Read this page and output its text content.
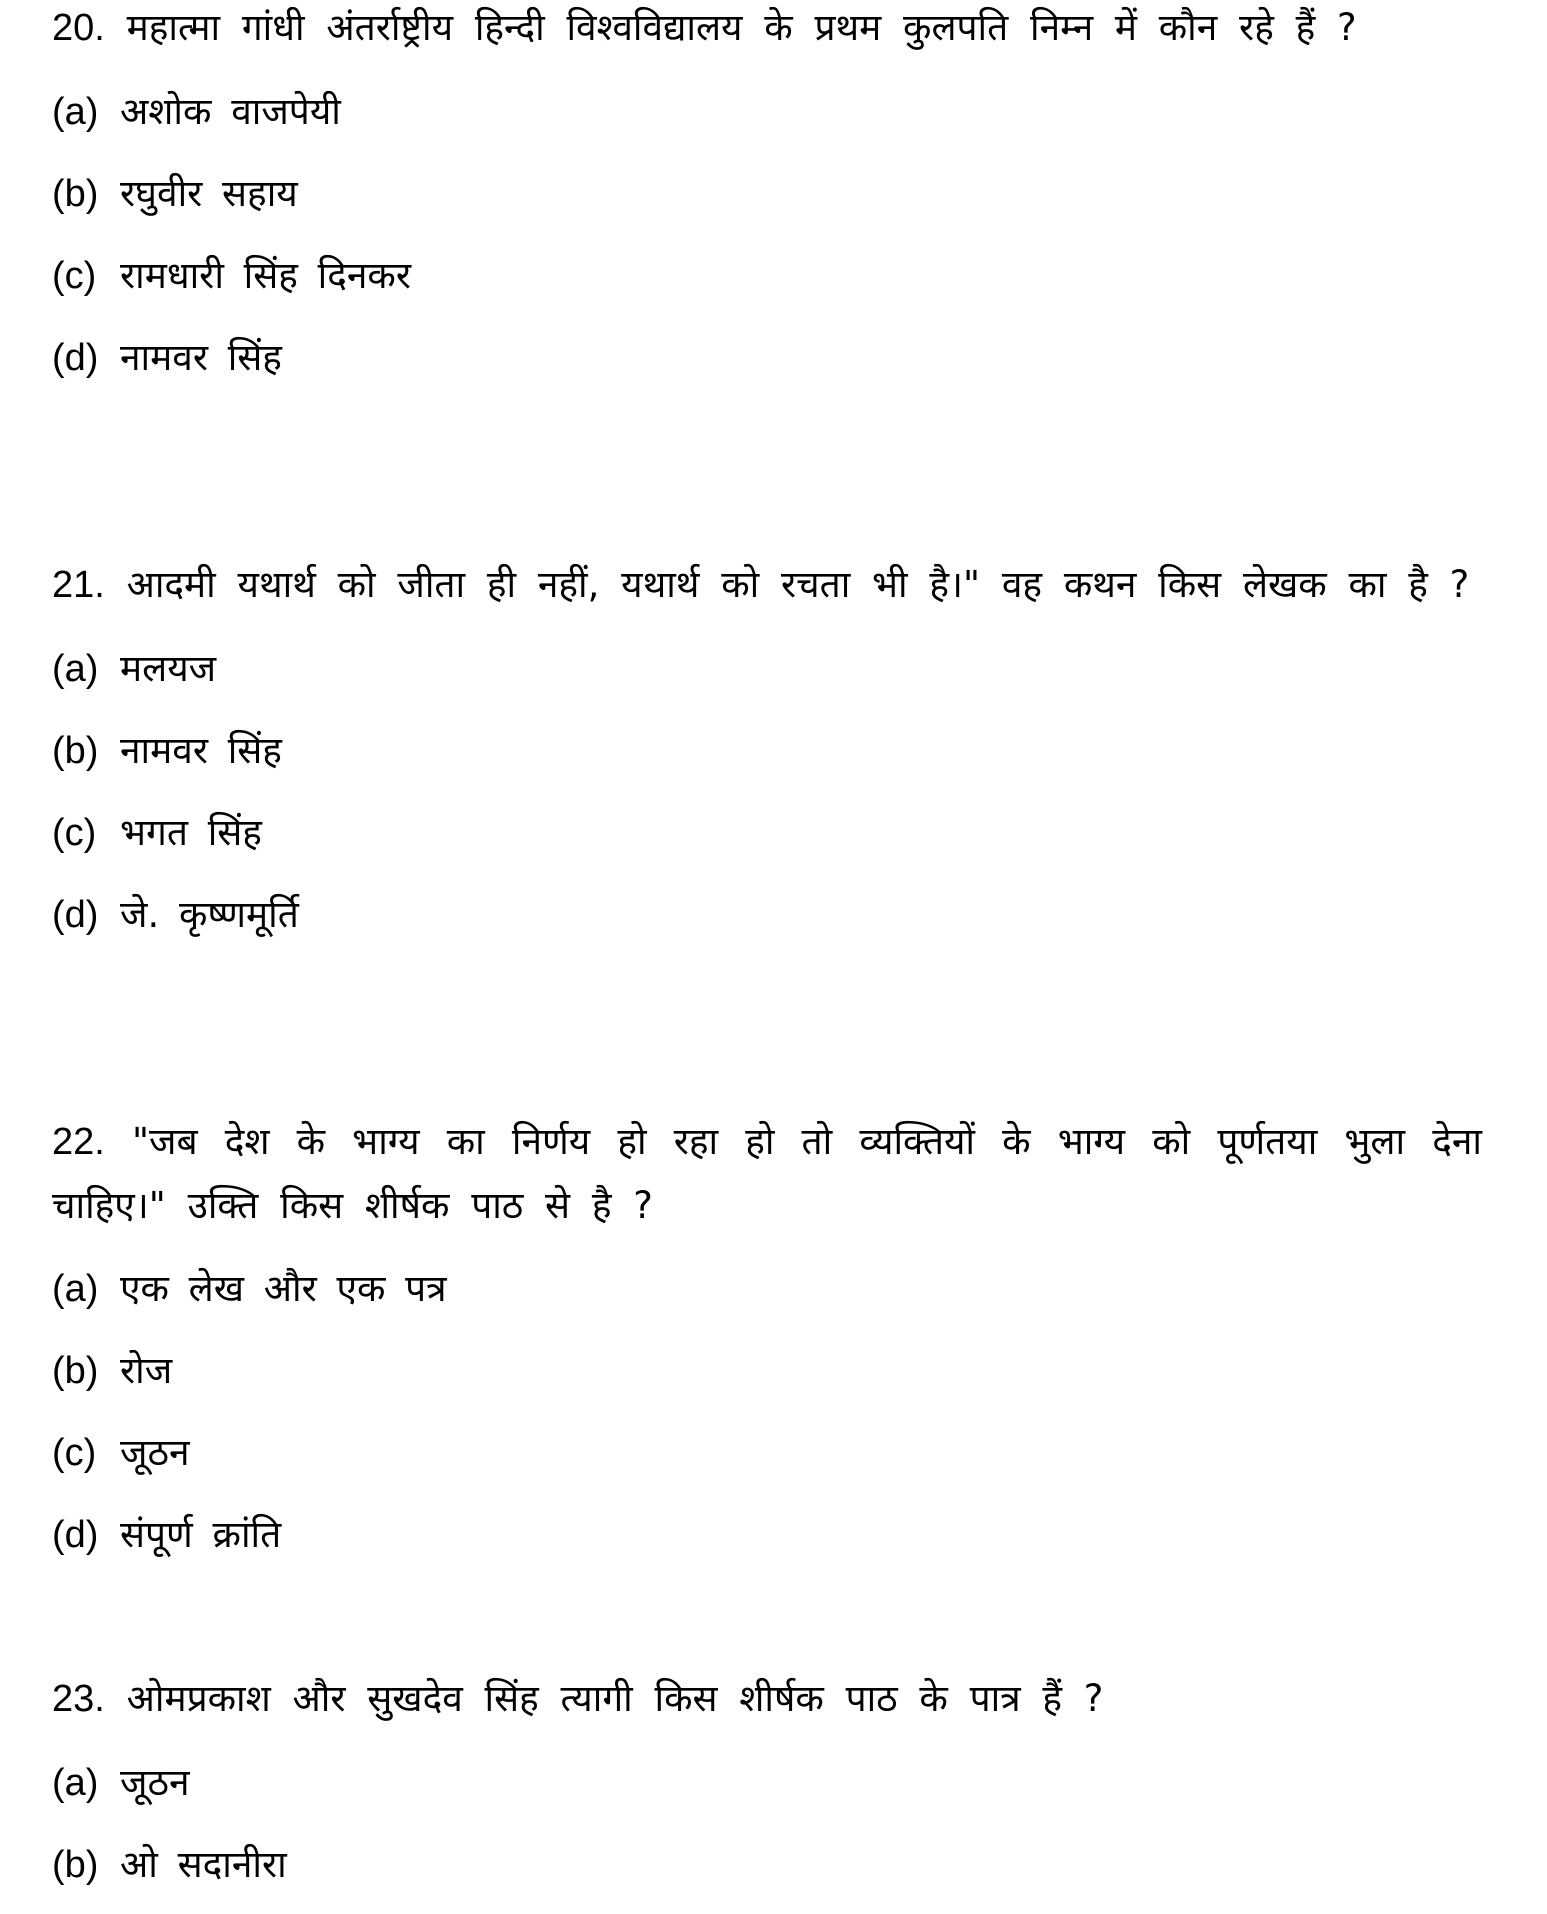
20. महात्मा गांधी अंतर्राष्ट्रीय हिन्दी विश्वविद्यालय के प्रथम कुलपति निम्न में कौन रहे हैं ?

(a) अशोक वाजपेयी
(b) रघुवीर सहाय
(c) रामधारी सिंह दिनकर
(d) नामवर सिंह

21. आदमी यथार्थ को जीता ही नहीं, यथार्थ को रचता भी है।" वह कथन किस लेखक का है ?

(a) मलयज
(b) नामवर सिंह
(c) भगत सिंह
(d) जे. कृष्णमूर्ति

22. "जब देश के भाग्य का निर्णय हो रहा हो तो व्यक्तियों के भाग्य को पूर्णतया भुला देना चाहिए।" उक्ति किस शीर्षक पाठ से है ?

(a) एक लेख और एक पत्र
(b) रोज
(c) जूठन
(d) संपूर्ण क्रांति

23. ओमप्रकाश और सुखदेव सिंह त्यागी किस शीर्षक पाठ के पात्र हैं ?

(a) जूठन
(b) ओ सदानीरा
